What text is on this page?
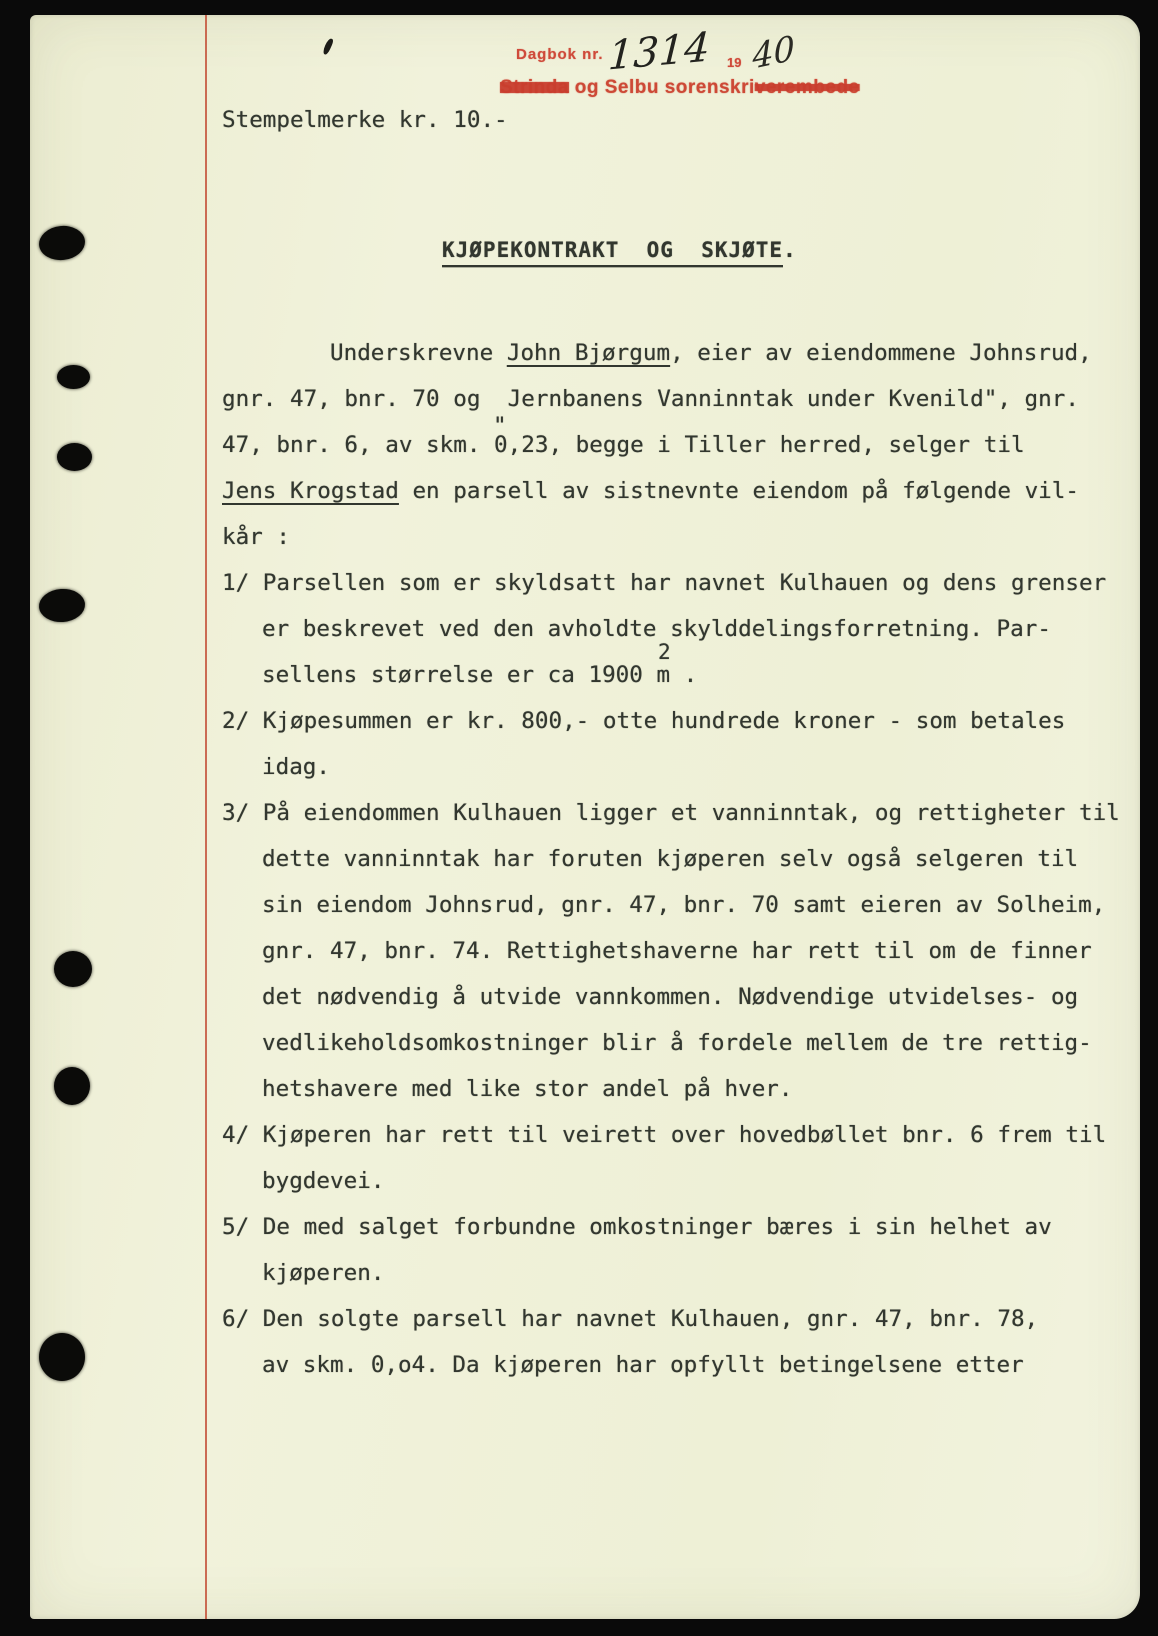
Dagbok nr. 1314 19 40
Strinda og Selbu sorenskriverembede
Stempelmerke kr. 10.-
KJØPEKONTRAKT  OG  SKJØTE.
Underskrevne John Bjørgum, eier av eiendommene Johnsrud,
gnr. 47, bnr. 70 og  Jernbanens Vanninntak under Kvenild", gnr.
"
47, bnr. 6, av skm. 0,23, begge i Tiller herred, selger til
Jens Krogstad en parsell av sistnevnte eiendom på følgende vil-
kår :
1/ Parsellen som er skyldsatt har navnet Kulhauen og dens grenser
er beskrevet ved den avholdte skylddelingsforretning. Par-
sellens størrelse er ca 1900 m .
2
2/ Kjøpesummen er kr. 800,- otte hundrede kroner - som betales
idag.
3/ På eiendommen Kulhauen ligger et vanninntak, og rettigheter til
dette vanninntak har foruten kjøperen selv også selgeren til
sin eiendom Johnsrud, gnr. 47, bnr. 70 samt eieren av Solheim,
gnr. 47, bnr. 74. Rettighetshaverne har rett til om de finner
det nødvendig å utvide vannkommen. Nødvendige utvidelses- og
vedlikeholdsomkostninger blir å fordele mellem de tre rettig-
hetshavere med like stor andel på hver.
4/ Kjøperen har rett til veirett over hovedbøllet bnr. 6 frem til
bygdevei.
5/ De med salget forbundne omkostninger bæres i sin helhet av
kjøperen.
6/ Den solgte parsell har navnet Kulhauen, gnr. 47, bnr. 78,
av skm. 0,o4. Da kjøperen har opfyllt betingelsene etter
